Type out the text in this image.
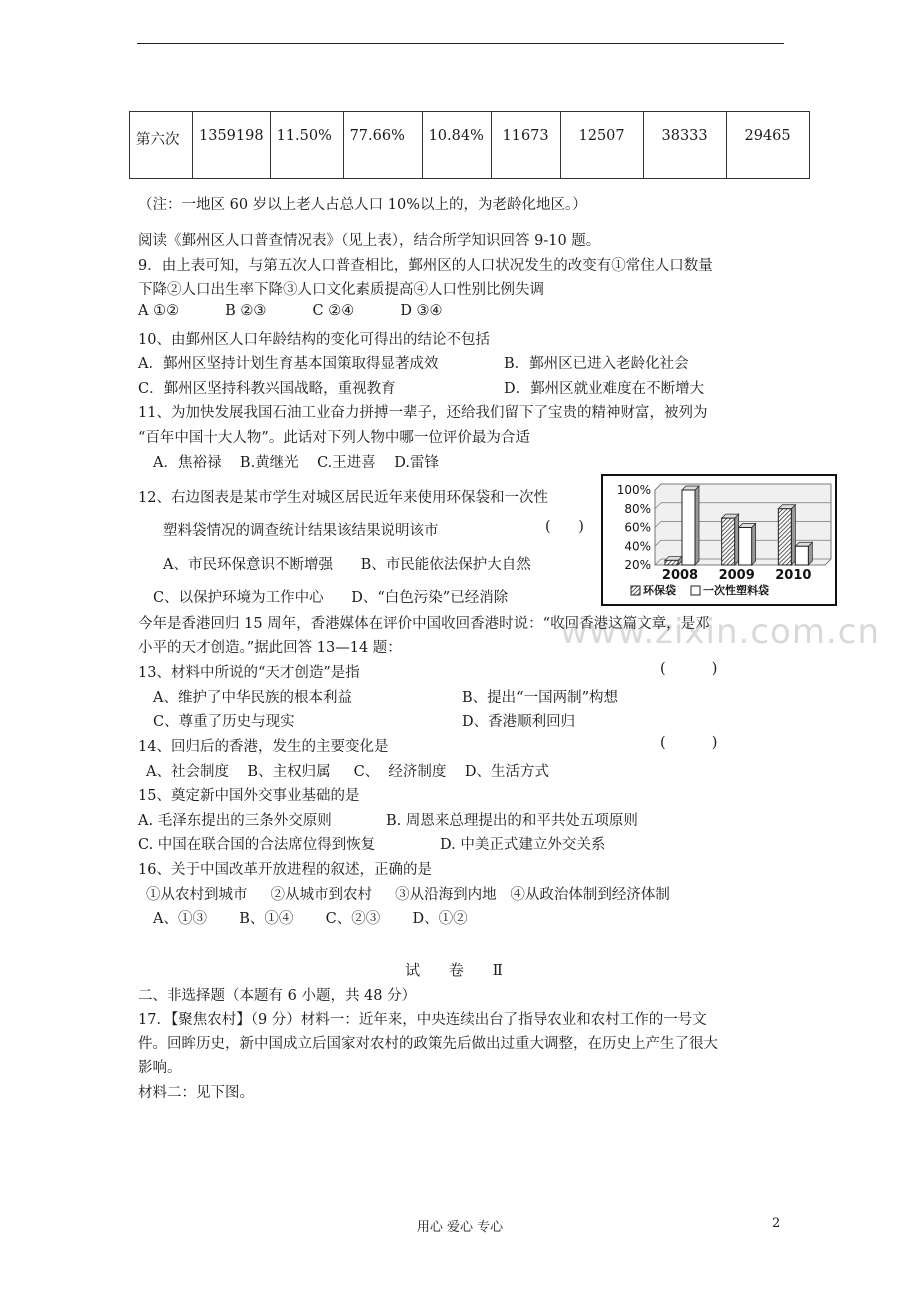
第六次	1359198	11.50%	77.66%	10.84%	11673	12507	38333	29465
（注：一地区 60 岁以上老人占总人口 10%以上的，为老龄化地区。）
阅读《鄞州区人口普查情况表》（见上表），结合所学知识回答 9-10 题。
9．由上表可知，与第五次人口普查相比，鄞州区的人口状况发生的改变有①常住人口数量
下降②人口出生率下降③人口文化素质提高④人口性别比例失调
A ①②          B ②③          C ②④          D ③④
10、由鄞州区人口年龄结构的变化可得出的结论不包括
A．鄞州区坚持计划生育基本国策取得显著成效	B．鄞州区已进入老龄化社会
C．鄞州区坚持科教兴国战略，重视教育	D．鄞州区就业难度在不断增大
11、为加快发展我国石油工业奋力拼搏一辈子，还给我们留下了宝贵的精神财富，被列为
“百年中国十大人物”。此话对下列人物中哪一位评价最为合适
A．焦裕禄    B.黄继光    C.王进喜    D.雷锋
12、右边图表是某市学生对城区居民近年来使用环保袋和一次性
塑料袋情况的调查统计结果该结果说明该市	(      )
A、市民环保意识不断增强      B、市民能依法保护大自然
C、以保护环境为工作中心      D、“白色污染”已经消除
100%
80%
60%
40%
20%
2008 2009 2010
环保袋 一次性塑料袋
www.zixin.com.cn
今年是香港回归 15 周年，香港媒体在评价中国收回香港时说：“收回香港这篇文章，是邓
小平的天才创造。”据此回答 13—14 题：
13、材料中所说的“天才创造”是指	(          )
A、维护了中华民族的根本利益	B、提出“一国两制”构想
C、尊重了历史与现实	D、香港顺利回归
14、回归后的香港，发生的主要变化是	(          )
A、社会制度    B、主权归属     C、  经济制度    D、生活方式
15、奠定新中国外交事业基础的是
A. 毛泽东提出的三条外交原则	B. 周恩来总理提出的和平共处五项原则
C. 中国在联合国的合法席位得到恢复	D. 中美正式建立外交关系
16、关于中国改革开放进程的叙述，正确的是
①从农村到城市     ②从城市到农村     ③从沿海到内地   ④从政治体制到经济体制
A、①③       B、①④       C、②③       D、①②
试 卷 Ⅱ
二、非选择题（本题有 6 小题，共 48 分）
17．【聚焦农村】（9 分）材料一：近年来，中央连续出台了指导农业和农村工作的一号文
件。回眸历史，新中国成立后国家对农村的政策先后做出过重大调整，在历史上产生了很大
影响。
材料二：见下图。
用心 爱心 专心	2
